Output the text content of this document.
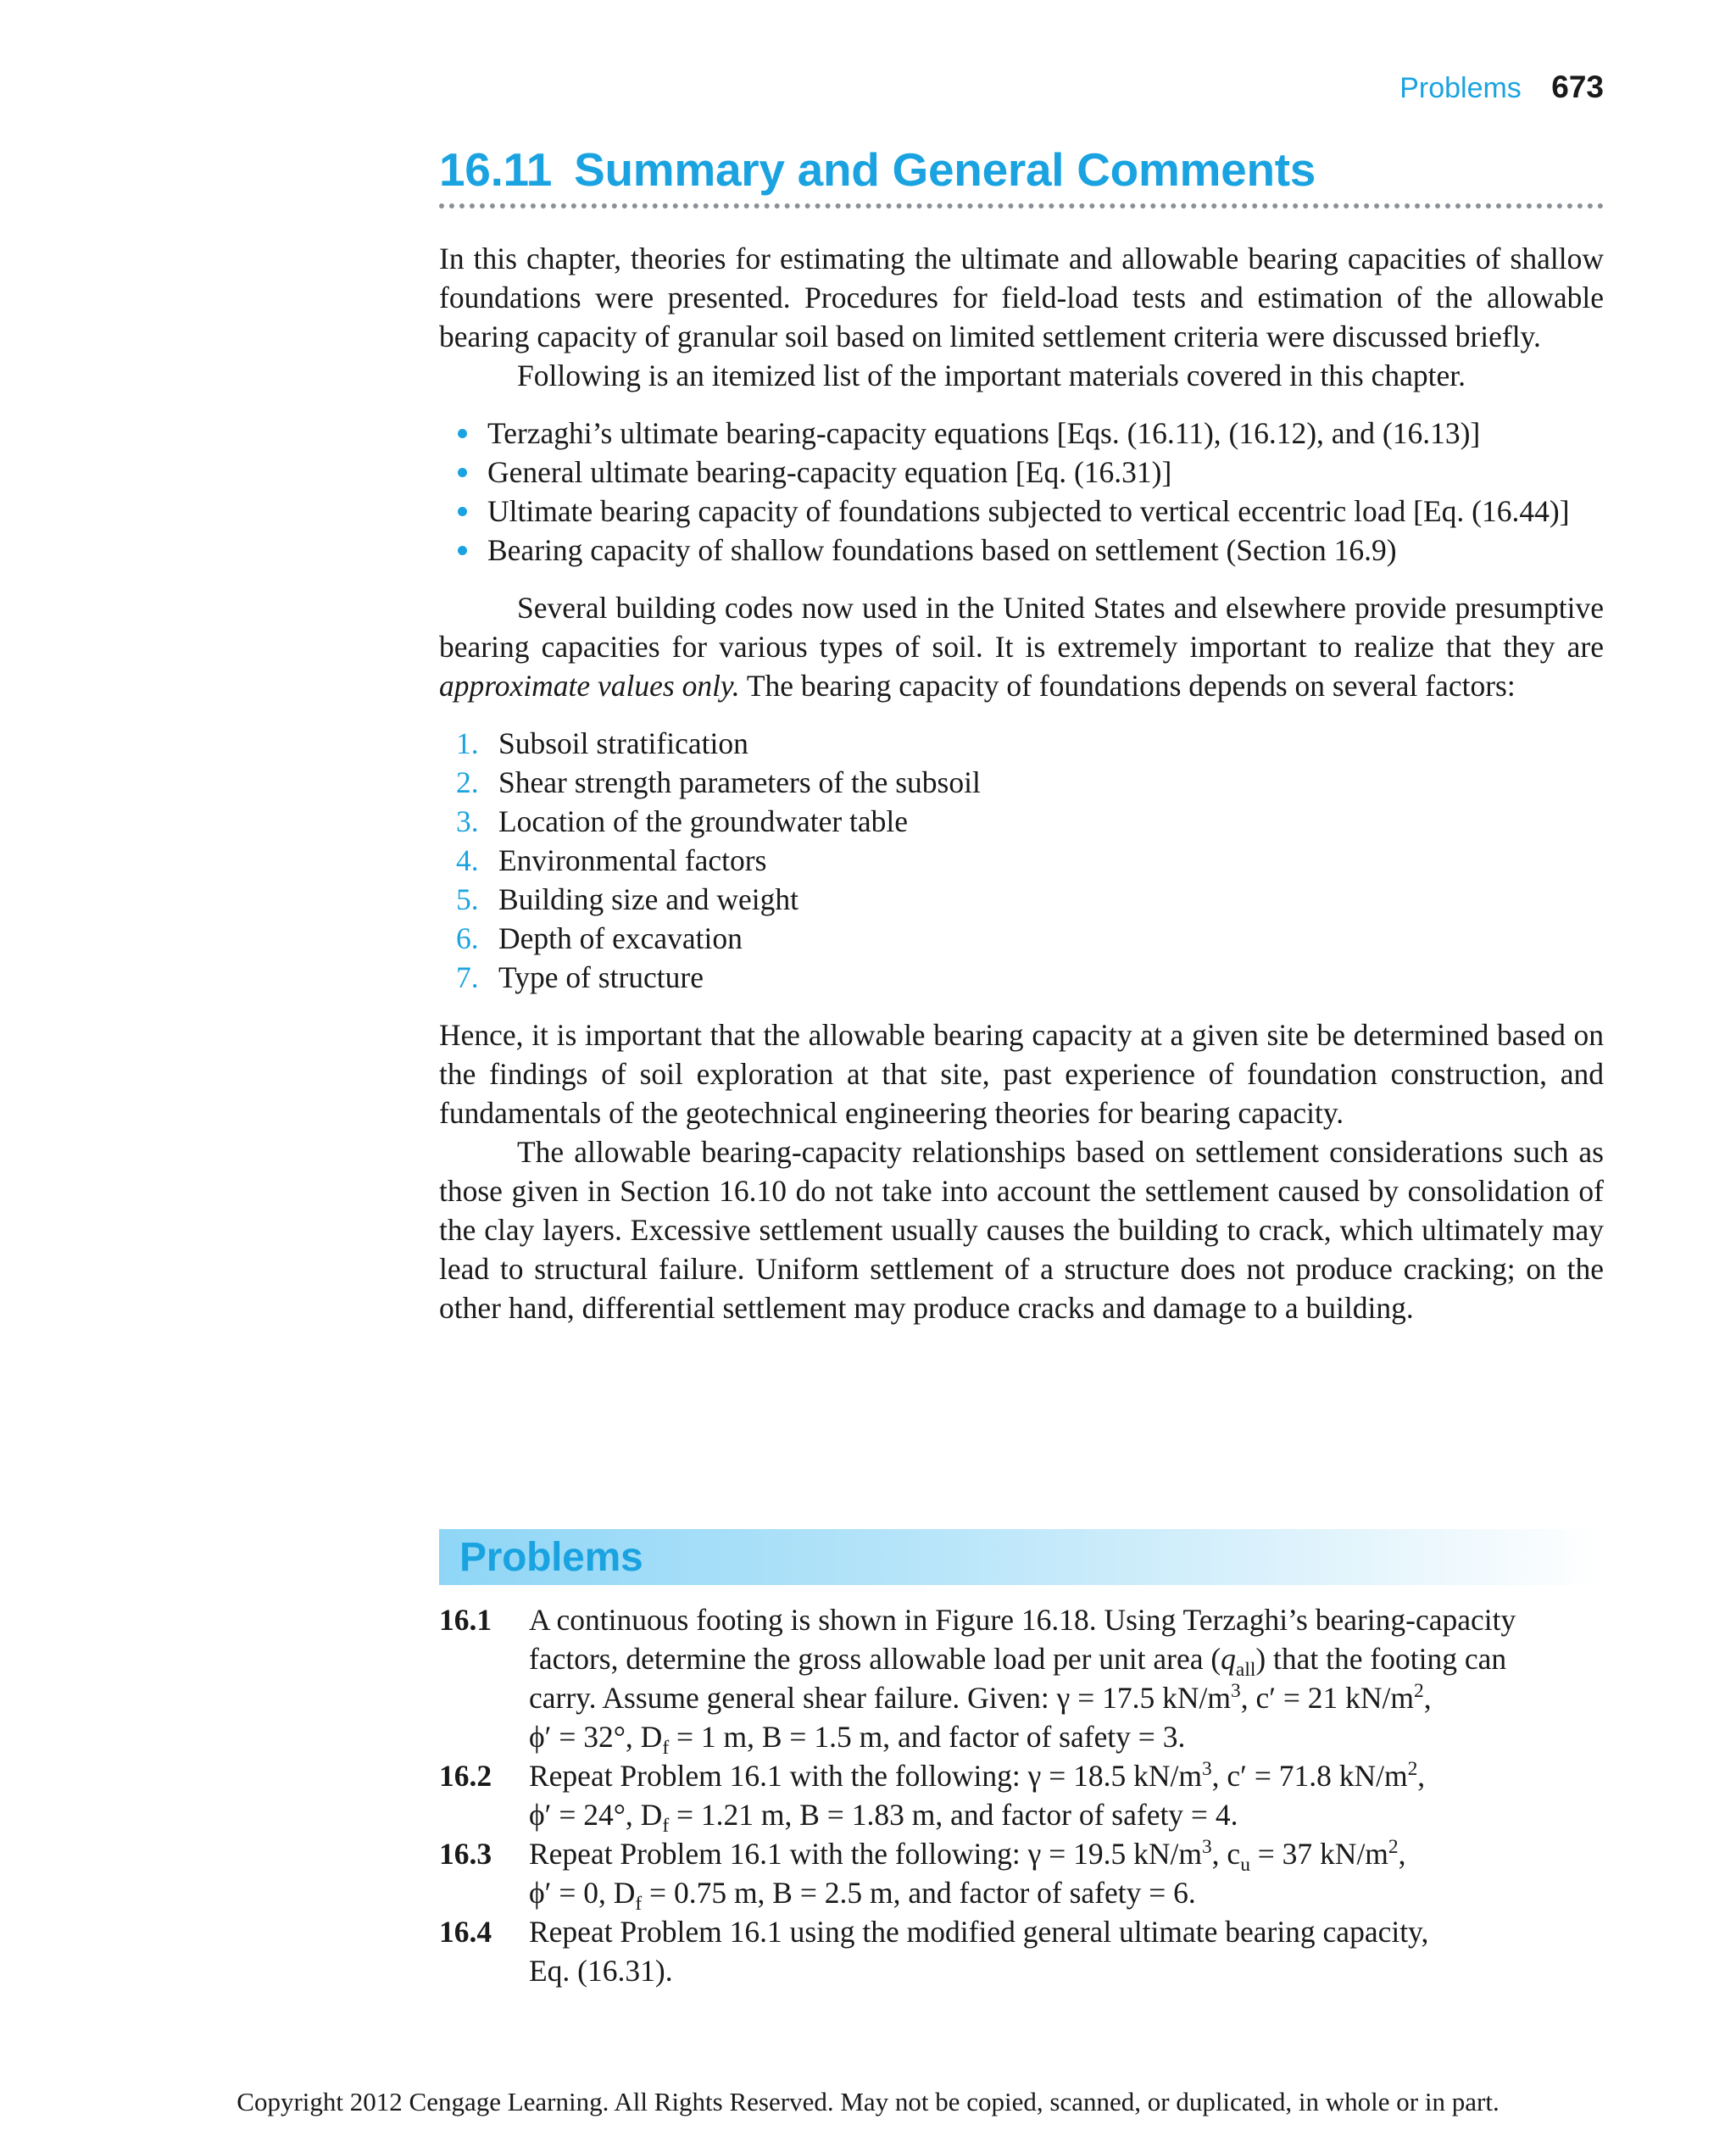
Problems 673
16.11 Summary and General Comments

In this chapter, theories for estimating the ultimate and allowable bearing capacities of shallow foundations were presented. Procedures for field-load tests and estimation of the allowable bearing capacity of granular soil based on limited settlement criteria were discussed briefly.

Following is an itemized list of the important materials covered in this chapter.

Terzaghi’s ultimate bearing-capacity equations [Eqs. (16.11), (16.12), and (16.13)]
General ultimate bearing-capacity equation [Eq. (16.31)]
Ultimate bearing capacity of foundations subjected to vertical eccentric load [Eq. (16.44)]
Bearing capacity of shallow foundations based on settlement (Section 16.9)

Several building codes now used in the United States and elsewhere provide presumptive bearing capacities for various types of soil. It is extremely important to realize that they are approximate values only. The bearing capacity of foundations depends on several factors:

1. Subsoil stratification
2. Shear strength parameters of the subsoil
3. Location of the groundwater table
4. Environmental factors
5. Building size and weight
6. Depth of excavation
7. Type of structure

Hence, it is important that the allowable bearing capacity at a given site be determined based on the findings of soil exploration at that site, past experience of foundation construction, and fundamentals of the geotechnical engineering theories for bearing capacity.

The allowable bearing-capacity relationships based on settlement considerations such as those given in Section 16.10 do not take into account the settlement caused by consolidation of the clay layers. Excessive settlement usually causes the building to crack, which ultimately may lead to structural failure. Uniform settlement of a structure does not produce cracking; on the other hand, differential settlement may produce cracks and damage to a building.

Problems
16.1	A continuous footing is shown in Figure 16.18. Using Terzaghi’s bearing-capacity
factors, determine the gross allowable load per unit area $(q_{all})$ that the footing can
carry. Assume general shear failure. Given: γ = 17.5 $kN/m^3$, c′ = 21 $kN/m^2$,
ϕ′ = 32°, $D_f = 1$ m, B = 1.5 m, and factor of safety = 3.
16.2	Repeat Problem 16.1 with the following: γ = 18.5 $kN/m^3$, c′ = 71.8 $kN/m^2$,
ϕ′ = 24°, $D_f = 1.21$ m, B = 1.83 m, and factor of safety = 4.
16.3	Repeat Problem 16.1 with the following: γ = 19.5 $kN/m^3$, $c_u = 37$ $kN/m^2$,
ϕ′ = 0, $D_f = 0.75$ m, B = 2.5 m, and factor of safety = 6.
16.4	Repeat Problem 16.1 using the modified general ultimate bearing capacity,
Eq. (16.31).
Copyright 2012 Cengage Learning. All Rights Reserved. May not be copied, scanned, or duplicated, in whole or in part.
